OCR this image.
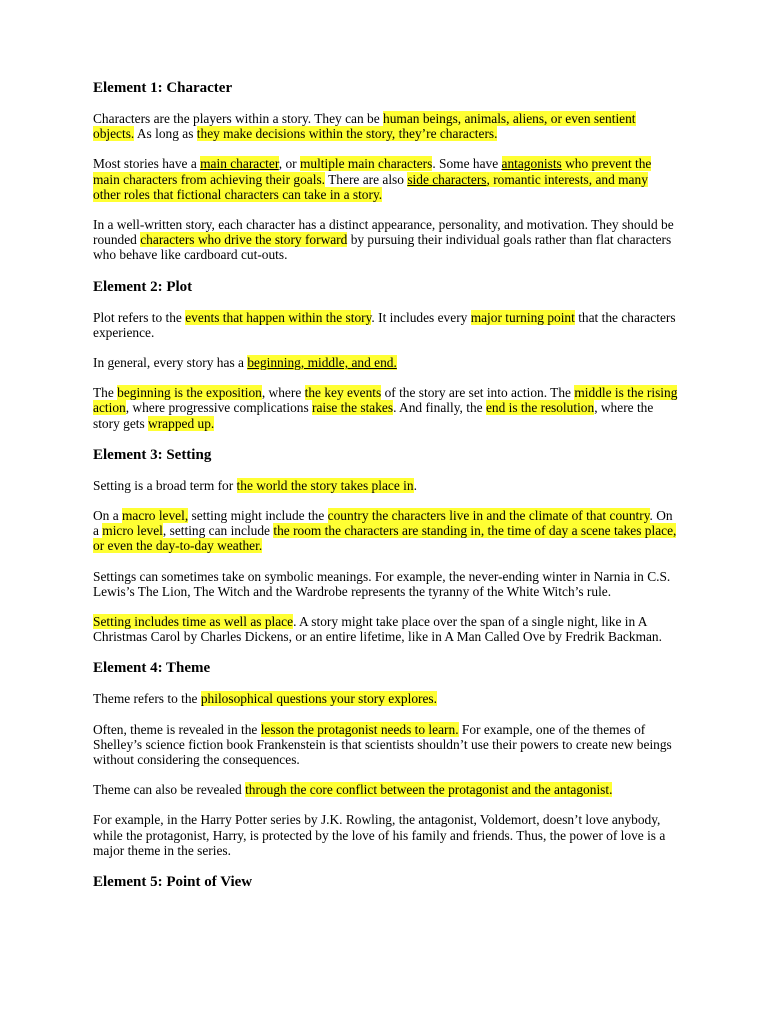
Element 1: Character

Characters are the players within a story. They can be human beings, animals, aliens, or even sentient objects. As long as they make decisions within the story, they’re characters.

Most stories have a main character, or multiple main characters. Some have antagonists who prevent the main characters from achieving their goals. There are also side characters, romantic interests, and many other roles that fictional characters can take in a story.

In a well-written story, each character has a distinct appearance, personality, and motivation. They should be rounded characters who drive the story forward by pursuing their individual goals rather than flat characters who behave like cardboard cut-outs.

Element 2: Plot

Plot refers to the events that happen within the story. It includes every major turning point that the characters experience.

In general, every story has a beginning, middle, and end.

The beginning is the exposition, where the key events of the story are set into action. The middle is the rising action, where progressive complications raise the stakes. And finally, the end is the resolution, where the story gets wrapped up.

Element 3: Setting

Setting is a broad term for the world the story takes place in.

On a macro level, setting might include the country the characters live in and the climate of that country. On a micro level, setting can include the room the characters are standing in, the time of day a scene takes place, or even the day-to-day weather.

Settings can sometimes take on symbolic meanings. For example, the never-ending winter in Narnia in C.S. Lewis’s The Lion, The Witch and the Wardrobe represents the tyranny of the White Witch’s rule.

Setting includes time as well as place. A story might take place over the span of a single night, like in A Christmas Carol by Charles Dickens, or an entire lifetime, like in A Man Called Ove by Fredrik Backman.

Element 4: Theme

Theme refers to the philosophical questions your story explores.

Often, theme is revealed in the lesson the protagonist needs to learn. For example, one of the themes of Shelley’s science fiction book Frankenstein is that scientists shouldn’t use their powers to create new beings without considering the consequences.

Theme can also be revealed through the core conflict between the protagonist and the antagonist.

For example, in the Harry Potter series by J.K. Rowling, the antagonist, Voldemort, doesn’t love anybody, while the protagonist, Harry, is protected by the love of his family and friends. Thus, the power of love is a major theme in the series.

Element 5: Point of View
